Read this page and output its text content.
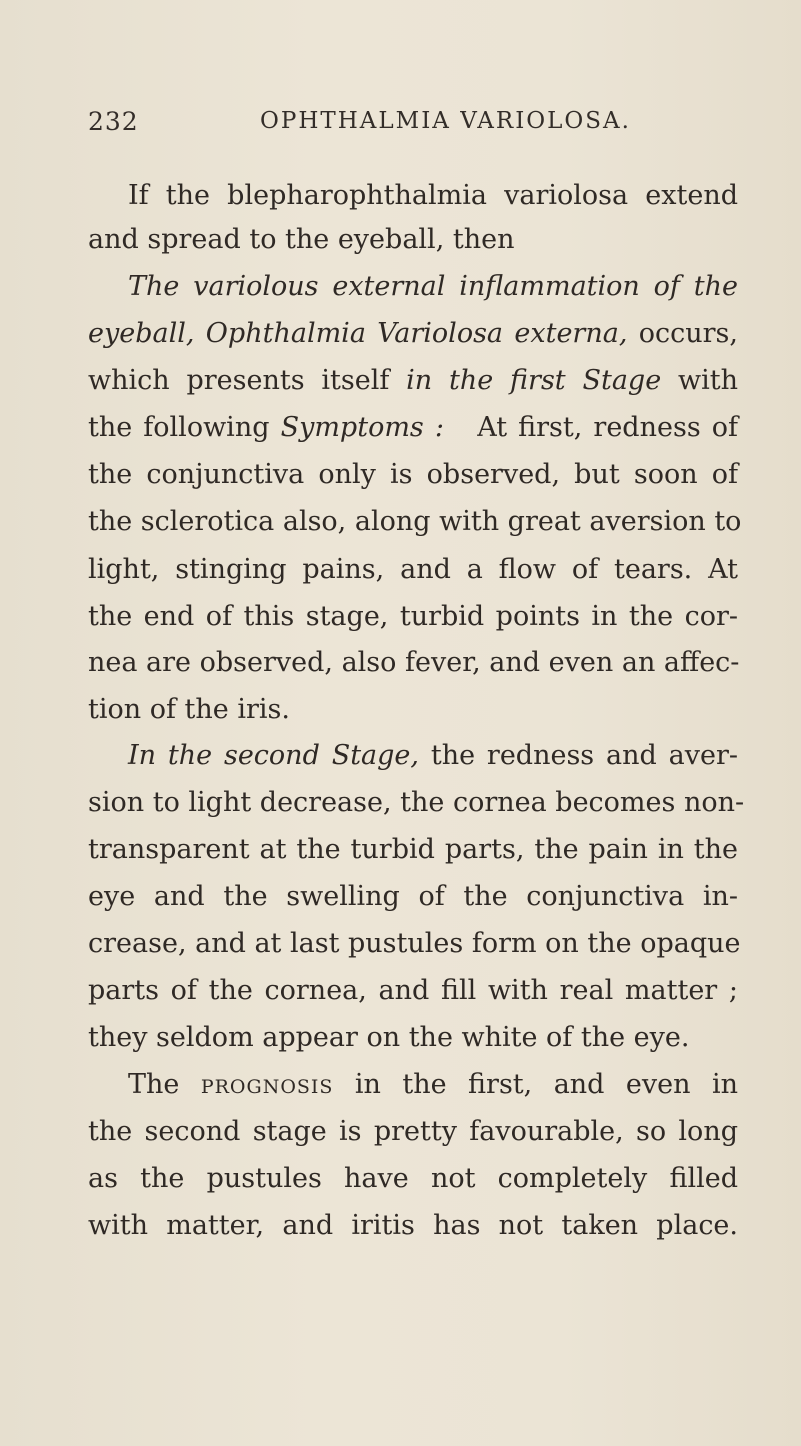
232	OPHTHALMIA VARIOLOSA.
If the blepharophthalmia variolosa extend
and spread to the eyeball, then
The variolous external inflammation of the
eyeball, Ophthalmia Variolosa externa, occurs,
which presents itself in the first Stage with
the following Symptoms : At first, redness of
the conjunctiva only is observed, but soon of
the sclerotica also, along with great aversion to
light, stinging pains, and a flow of tears. At
the end of this stage, turbid points in the cor-
nea are observed, also fever, and even an affec-
tion of the iris.
In the second Stage, the redness and aver-
sion to light decrease, the cornea becomes non-
transparent at the turbid parts, the pain in the
eye and the swelling of the conjunctiva in-
crease, and at last pustules form on the opaque
parts of the cornea, and fill with real matter ;
they seldom appear on the white of the eye.
The prognosis in the first, and even in
the second stage is pretty favourable, so long
as the pustules have not completely filled
with matter, and iritis has not taken place.
